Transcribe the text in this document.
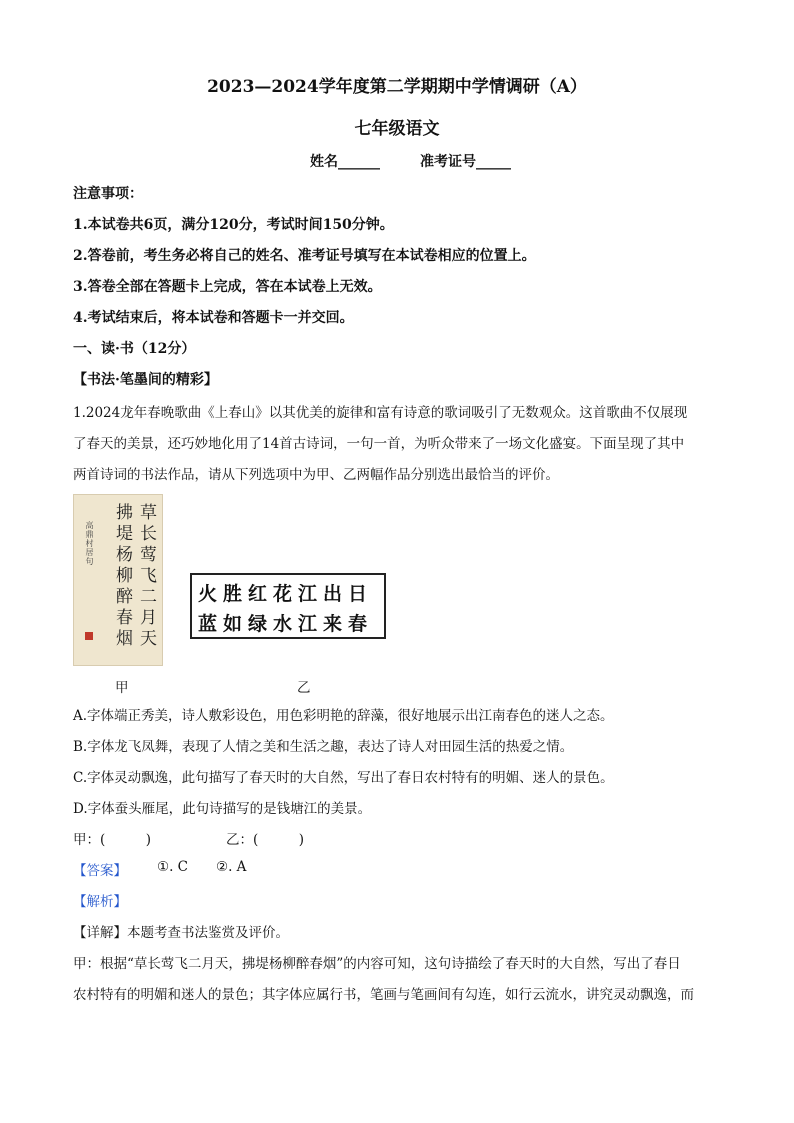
2023—2024学年度第二学期期中学情调研（A）
七年级语文
姓名______	准考证号_____
注意事项：
1.本试卷共6页，满分120分，考试时间150分钟。
2.答卷前，考生务必将自己的姓名、准考证号填写在本试卷相应的位置上。
3.答卷全部在答题卡上完成，答在本试卷上无效。
4.考试结束后，将本试卷和答题卡一并交回。
一、读·书（12分）
【书法·笔墨间的精彩】
1.2024龙年春晚歌曲《上春山》以其优美的旋律和富有诗意的歌词吸引了无数观众。这首歌曲不仅展现
了春天的美景，还巧妙地化用了14首古诗词，一句一首，为听众带来了一场文化盛宴。下面呈现了其中
两首诗词的书法作品，请从下列选项中为甲、乙两幅作品分别选出最恰当的评价。
草长莺飞二月天
拂堤杨柳醉春烟
高鼎村居句
甲
日出江花红胜火
春来江水绿如蓝
乙
A.字体端正秀美，诗人敷彩设色，用色彩明艳的辞藻，很好地展示出江南春色的迷人之态。
B.字体龙飞凤舞，表现了人情之美和生活之趣，表达了诗人对田园生活的热爱之情。
C.字体灵动飘逸，此句描写了春天时的大自然，写出了春日农村特有的明媚、迷人的景色。
D.字体蚕头雁尾，此句诗描写的是钱塘江的美景。
甲：(　　　)	乙：(　　　)
【答案】 ①. C ②. A
【解析】
【详解】本题考查书法鉴赏及评价。
甲：根据“草长莺飞二月天，拂堤杨柳醉春烟”的内容可知，这句诗描绘了春天时的大自然，写出了春日
农村特有的明媚和迷人的景色；其字体应属行书，笔画与笔画间有勾连，如行云流水，讲究灵动飘逸，而
